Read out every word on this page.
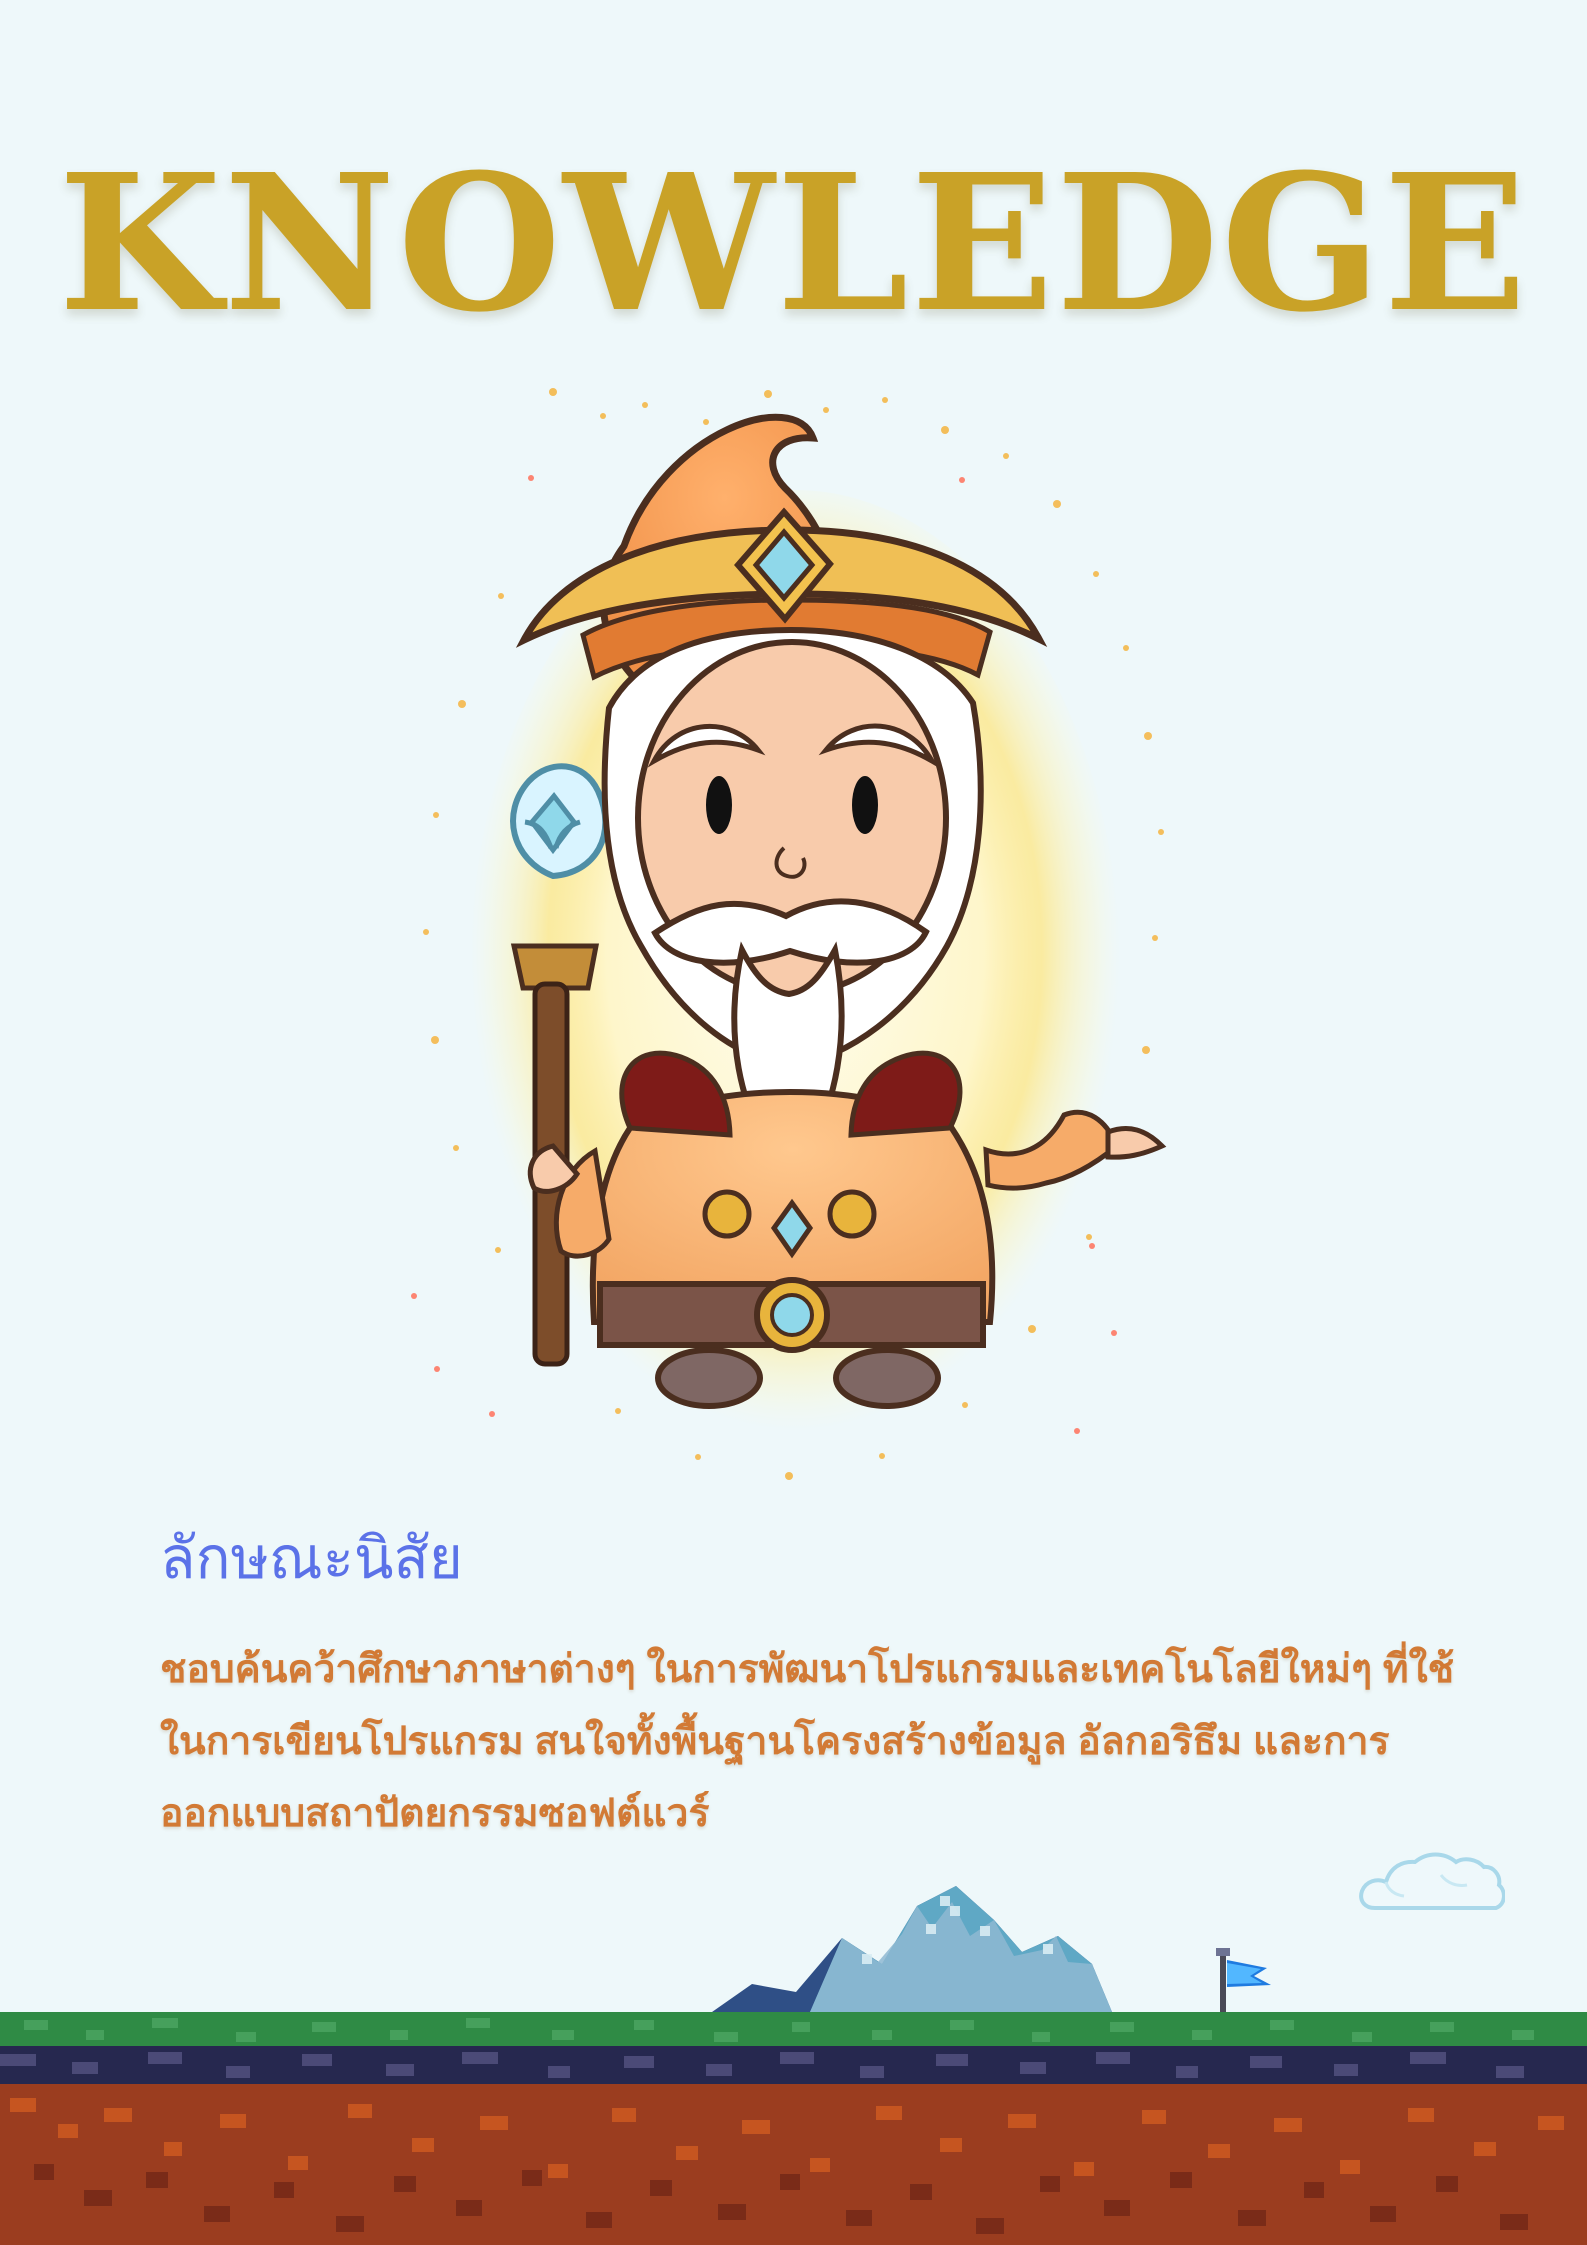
KNOWLEDGE
ลักษณะนิสัย

ชอบค้นคว้าศึกษาภาษาต่างๆ ในการพัฒนาโปรแกรมและเทคโนโลยีใหม่ๆ ที่ใช้ในการเขียนโปรแกรม สนใจทั้งพื้นฐานโครงสร้างข้อมูล อัลกอริธึม และการออกแบบสถาปัตยกรรมซอฟต์แวร์
